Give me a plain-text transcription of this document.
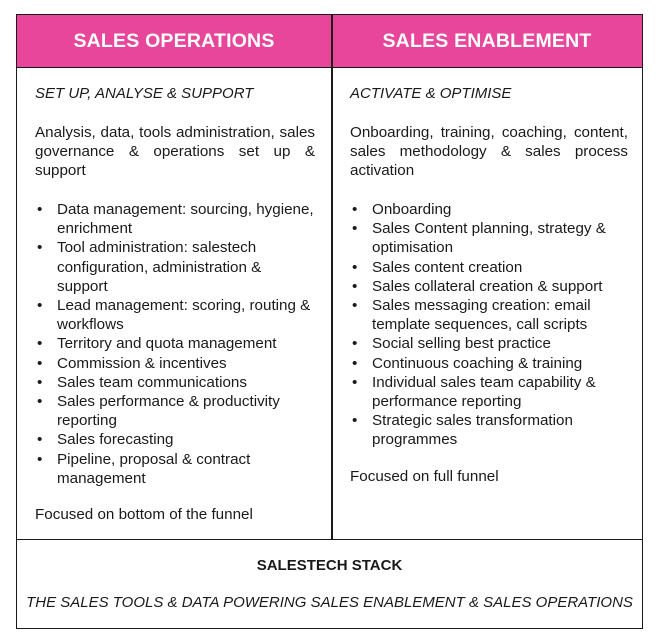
SALES OPERATIONS	SALES ENABLEMENT
SET UP, ANALYSE & SUPPORT
Analysis, data, tools administration, sales governance & operations set up & support
• Data management: sourcing, hygiene, enrichment
• Tool administration: salestech configuration, administration & support
• Lead management: scoring, routing & workflows
• Territory and quota management
• Commission & incentives
• Sales team communications
• Sales performance & productivity reporting
• Sales forecasting
• Pipeline, proposal & contract management
Focused on bottom of the funnel
ACTIVATE & OPTIMISE
Onboarding, training, coaching, content, sales methodology & sales process activation
• Onboarding
• Sales Content planning, strategy & optimisation
• Sales content creation
• Sales collateral creation & support
• Sales messaging creation: email template sequences, call scripts
• Social selling best practice
• Continuous coaching & training
• Individual sales team capability & performance reporting
• Strategic sales transformation programmes
Focused on full funnel
SALESTECH STACK
THE SALES TOOLS & DATA POWERING SALES ENABLEMENT & SALES OPERATIONS
